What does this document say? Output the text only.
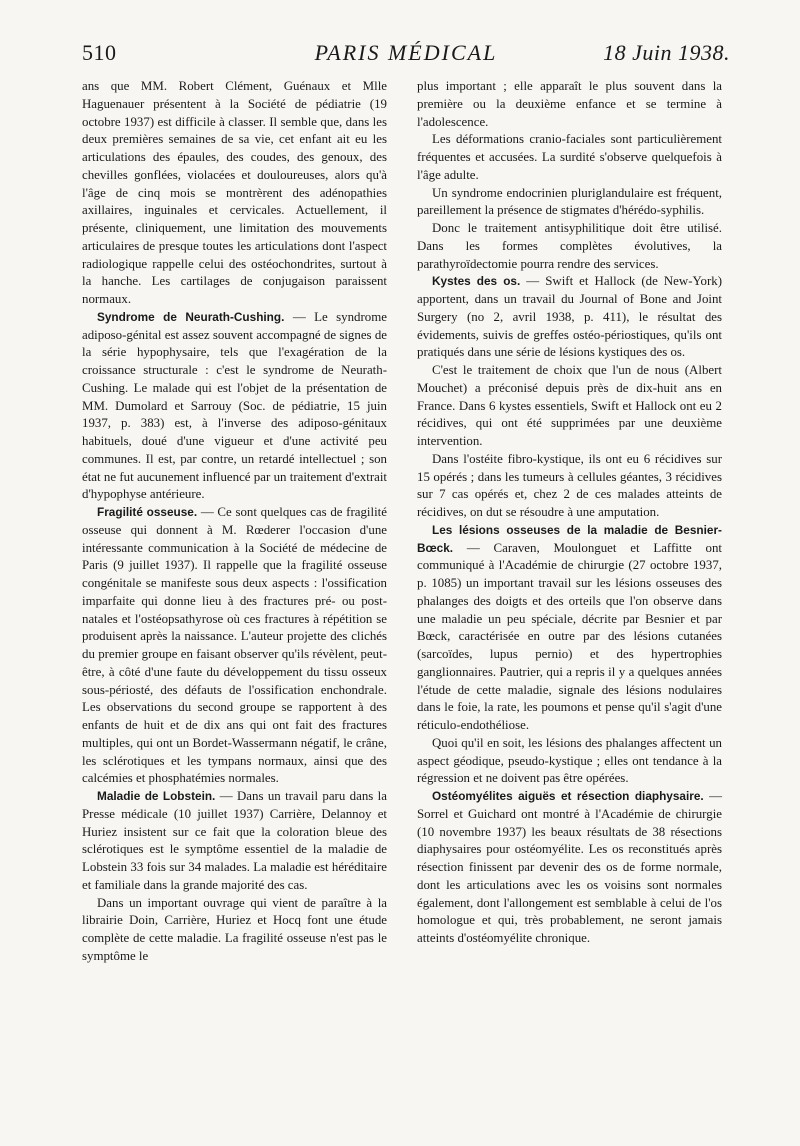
510	PARIS MÉDICAL	18 Juin 1938.

ans que MM. Robert Clément, Guénaux et Mlle Haguenauer présentent à la Société de pédiatrie (19 octobre 1937) est difficile à classer. Il semble que, dans les deux premières semaines de sa vie, cet enfant ait eu les articulations des épaules, des coudes, des genoux, des chevilles gonflées, violacées et douloureuses, alors qu'à l'âge de cinq mois se montrèrent des adénopathies axillaires, inguinales et cervicales. Actuellement, il présente, cliniquement, une limitation des mouvements articulaires de presque toutes les articulations dont l'aspect radiologique rappelle celui des ostéochondrites, surtout à la hanche. Les cartilages de conjugaison paraissent normaux.

Syndrome de Neurath-Cushing. — Le syndrome adiposo-génital est assez souvent accompagné de signes de la série hypophysaire, tels que l'exagération de la croissance structurale : c'est le syndrome de Neurath-Cushing. Le malade qui est l'objet de la présentation de MM. Dumolard et Sarrouy (Soc. de pédiatrie, 15 juin 1937, p. 383) est, à l'inverse des adiposo-génitaux habituels, doué d'une vigueur et d'une activité peu communes. Il est, par contre, un retardé intellectuel ; son état ne fut aucunement influencé par un traitement d'extrait d'hypophyse antérieure.

Fragilité osseuse. — Ce sont quelques cas de fragilité osseuse qui donnent à M. Rœderer l'occasion d'une intéressante communication à la Société de médecine de Paris (9 juillet 1937). Il rappelle que la fragilité osseuse congénitale se manifeste sous deux aspects : l'ossification imparfaite qui donne lieu à des fractures pré- ou post-natales et l'ostéopsathyrose où ces fractures à répétition se produisent après la naissance. L'auteur projette des clichés du premier groupe en faisant observer qu'ils révèlent, peut-être, à côté d'une faute du développement du tissu osseux sous-périosté, des défauts de l'ossification enchondrale. Les observations du second groupe se rapportent à des enfants de huit et de dix ans qui ont fait des fractures multiples, qui ont un Bordet-Wassermann négatif, le crâne, les sclérotiques et les tympans normaux, ainsi que des calcémies et phosphatémies normales.

Maladie de Lobstein. — Dans un travail paru dans la Presse médicale (10 juillet 1937) Carrière, Delannoy et Huriez insistent sur ce fait que la coloration bleue des sclérotiques est le symptôme essentiel de la maladie de Lobstein 33 fois sur 34 malades. La maladie est héréditaire et familiale dans la grande majorité des cas.

Dans un important ouvrage qui vient de paraître à la librairie Doin, Carrière, Huriez et Hocq font une étude complète de cette maladie. La fragilité osseuse n'est pas le symptôme le

plus important ; elle apparaît le plus souvent dans la première ou la deuxième enfance et se termine à l'adolescence.

Les déformations cranio-faciales sont particulièrement fréquentes et accusées. La surdité s'observe quelquefois à l'âge adulte.

Un syndrome endocrinien pluriglandulaire est fréquent, pareillement la présence de stigmates d'hérédo-syphilis.

Donc le traitement antisyphilitique doit être utilisé. Dans les formes complètes évolutives, la parathyroïdectomie pourra rendre des services.

Kystes des os. — Swift et Hallock (de New-York) apportent, dans un travail du Journal of Bone and Joint Surgery (no 2, avril 1938, p. 411), le résultat des évidements, suivis de greffes ostéo-périostiques, qu'ils ont pratiqués dans une série de lésions kystiques des os.

C'est le traitement de choix que l'un de nous (Albert Mouchet) a préconisé depuis près de dix-huit ans en France. Dans 6 kystes essentiels, Swift et Hallock ont eu 2 récidives, qui ont été supprimées par une deuxième intervention.

Dans l'ostéite fibro-kystique, ils ont eu 6 récidives sur 15 opérés ; dans les tumeurs à cellules géantes, 3 récidives sur 7 cas opérés et, chez 2 de ces malades atteints de récidives, on dut se résoudre à une amputation.

Les lésions osseuses de la maladie de Besnier-Bœck. — Caraven, Moulonguet et Laffitte ont communiqué à l'Académie de chirurgie (27 octobre 1937, p. 1085) un important travail sur les lésions osseuses des phalanges des doigts et des orteils que l'on observe dans une maladie un peu spéciale, décrite par Besnier et par Bœck, caractérisée en outre par des lésions cutanées (sarcoïdes, lupus pernio) et des hypertrophies ganglionnaires. Pautrier, qui a repris il y a quelques années l'étude de cette maladie, signale des lésions nodulaires dans le foie, la rate, les poumons et pense qu'il s'agit d'une réticulo-endothéliose.

Quoi qu'il en soit, les lésions des phalanges affectent un aspect géodique, pseudo-kystique ; elles ont tendance à la régression et ne doivent pas être opérées.

Ostéomyélites aiguës et résection diaphysaire. — Sorrel et Guichard ont montré à l'Académie de chirurgie (10 novembre 1937) les beaux résultats de 38 résections diaphysaires pour ostéomyélite. Les os reconstitués après résection finissent par devenir des os de forme normale, dont les articulations avec les os voisins sont normales également, dont l'allongement est semblable à celui de l'os homologue et qui, très probablement, ne seront jamais atteints d'ostéomyélite chronique.
